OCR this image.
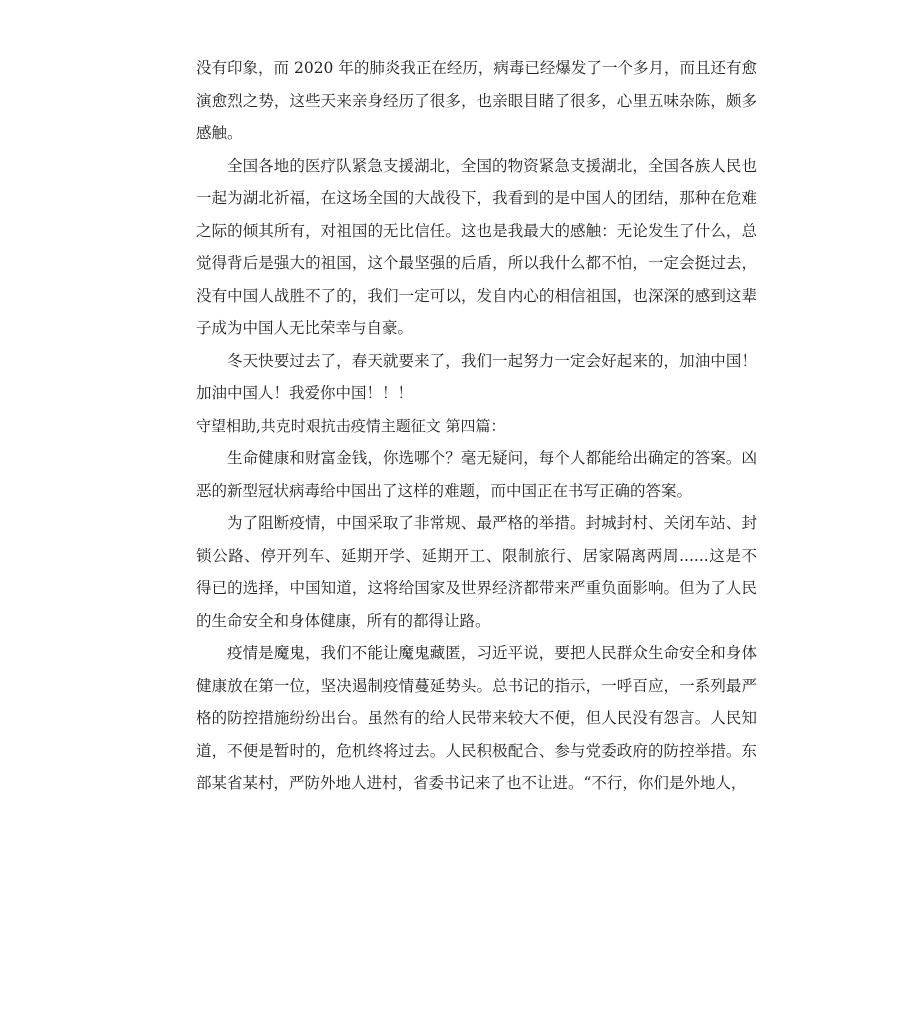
没有印象，而 2020 年的肺炎我正在经历，病毒已经爆发了一个多月，而且还有愈
演愈烈之势，这些天来亲身经历了很多，也亲眼目睹了很多，心里五味杂陈，颇多
感触。
全国各地的医疗队紧急支援湖北，全国的物资紧急支援湖北，全国各族人民也
一起为湖北祈福，在这场全国的大战役下，我看到的是中国人的团结，那种在危难
之际的倾其所有，对祖国的无比信任。这也是我最大的感触：无论发生了什么，总
觉得背后是强大的祖国，这个最坚强的后盾，所以我什么都不怕，一定会挺过去，
没有中国人战胜不了的，我们一定可以，发自内心的相信祖国，也深深的感到这辈
子成为中国人无比荣幸与自豪。
冬天快要过去了，春天就要来了，我们一起努力一定会好起来的，加油中国！
加油中国人！我爱你中国！！！
守望相助,共克时艰抗击疫情主题征文 第四篇：
生命健康和财富金钱，你选哪个？毫无疑问，每个人都能给出确定的答案。凶
恶的新型冠状病毒给中国出了这样的难题，而中国正在书写正确的答案。
为了阻断疫情，中国采取了非常规、最严格的举措。封城封村、关闭车站、封
锁公路、停开列车、延期开学、延期开工、限制旅行、居家隔离两周......这是不
得已的选择，中国知道，这将给国家及世界经济都带来严重负面影响。但为了人民
的生命安全和身体健康，所有的都得让路。
疫情是魔鬼，我们不能让魔鬼藏匿，习近平说，要把人民群众生命安全和身体
健康放在第一位，坚决遏制疫情蔓延势头。总书记的指示，一呼百应，一系列最严
格的防控措施纷纷出台。虽然有的给人民带来较大不便，但人民没有怨言。人民知
道，不便是暂时的，危机终将过去。人民积极配合、参与党委政府的防控举措。东
部某省某村，严防外地人进村，省委书记来了也不让进。“不行，你们是外地人，
